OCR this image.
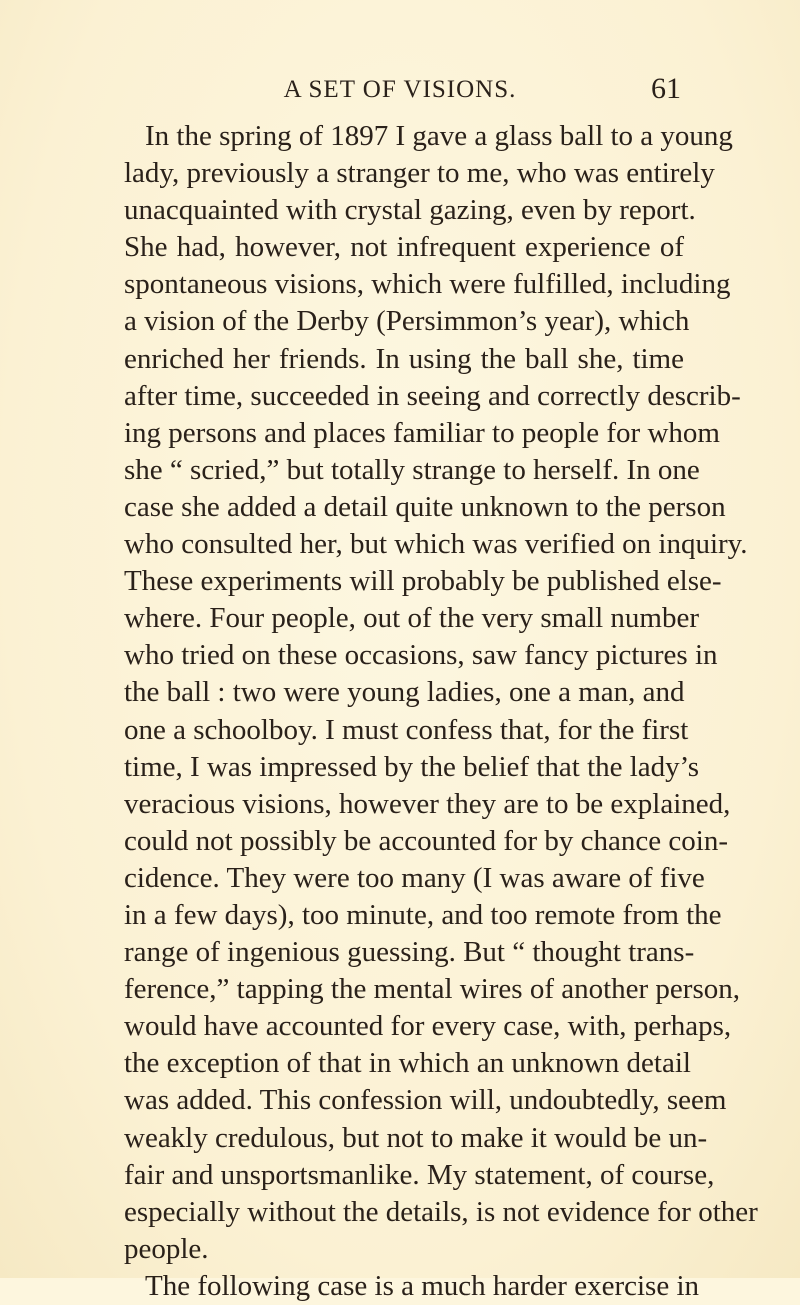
A SET OF VISIONS.	61
In the spring of 1897 I gave a glass ball to a young
lady, previously a stranger to me, who was entirely
unacquainted with crystal gazing, even by report.
She had, however, not infrequent experience of
spontaneous visions, which were fulfilled, including
a vision of the Derby (Persimmon’s year), which
enriched her friends. In using the ball she, time
after time, succeeded in seeing and correctly describ-
ing persons and places familiar to people for whom
she “ scried,” but totally strange to herself. In one
case she added a detail quite unknown to the person
who consulted her, but which was verified on inquiry.
These experiments will probably be published else-
where. Four people, out of the very small number
who tried on these occasions, saw fancy pictures in
the ball : two were young ladies, one a man, and
one a schoolboy. I must confess that, for the first
time, I was impressed by the belief that the lady’s
veracious visions, however they are to be explained,
could not possibly be accounted for by chance coin-
cidence. They were too many (I was aware of five
in a few days), too minute, and too remote from the
range of ingenious guessing. But “ thought trans-
ference,” tapping the mental wires of another person,
would have accounted for every case, with, perhaps,
the exception of that in which an unknown detail
was added. This confession will, undoubtedly, seem
weakly credulous, but not to make it would be un-
fair and unsportsmanlike. My statement, of course,
especially without the details, is not evidence for other
people.
The following case is a much harder exercise in
